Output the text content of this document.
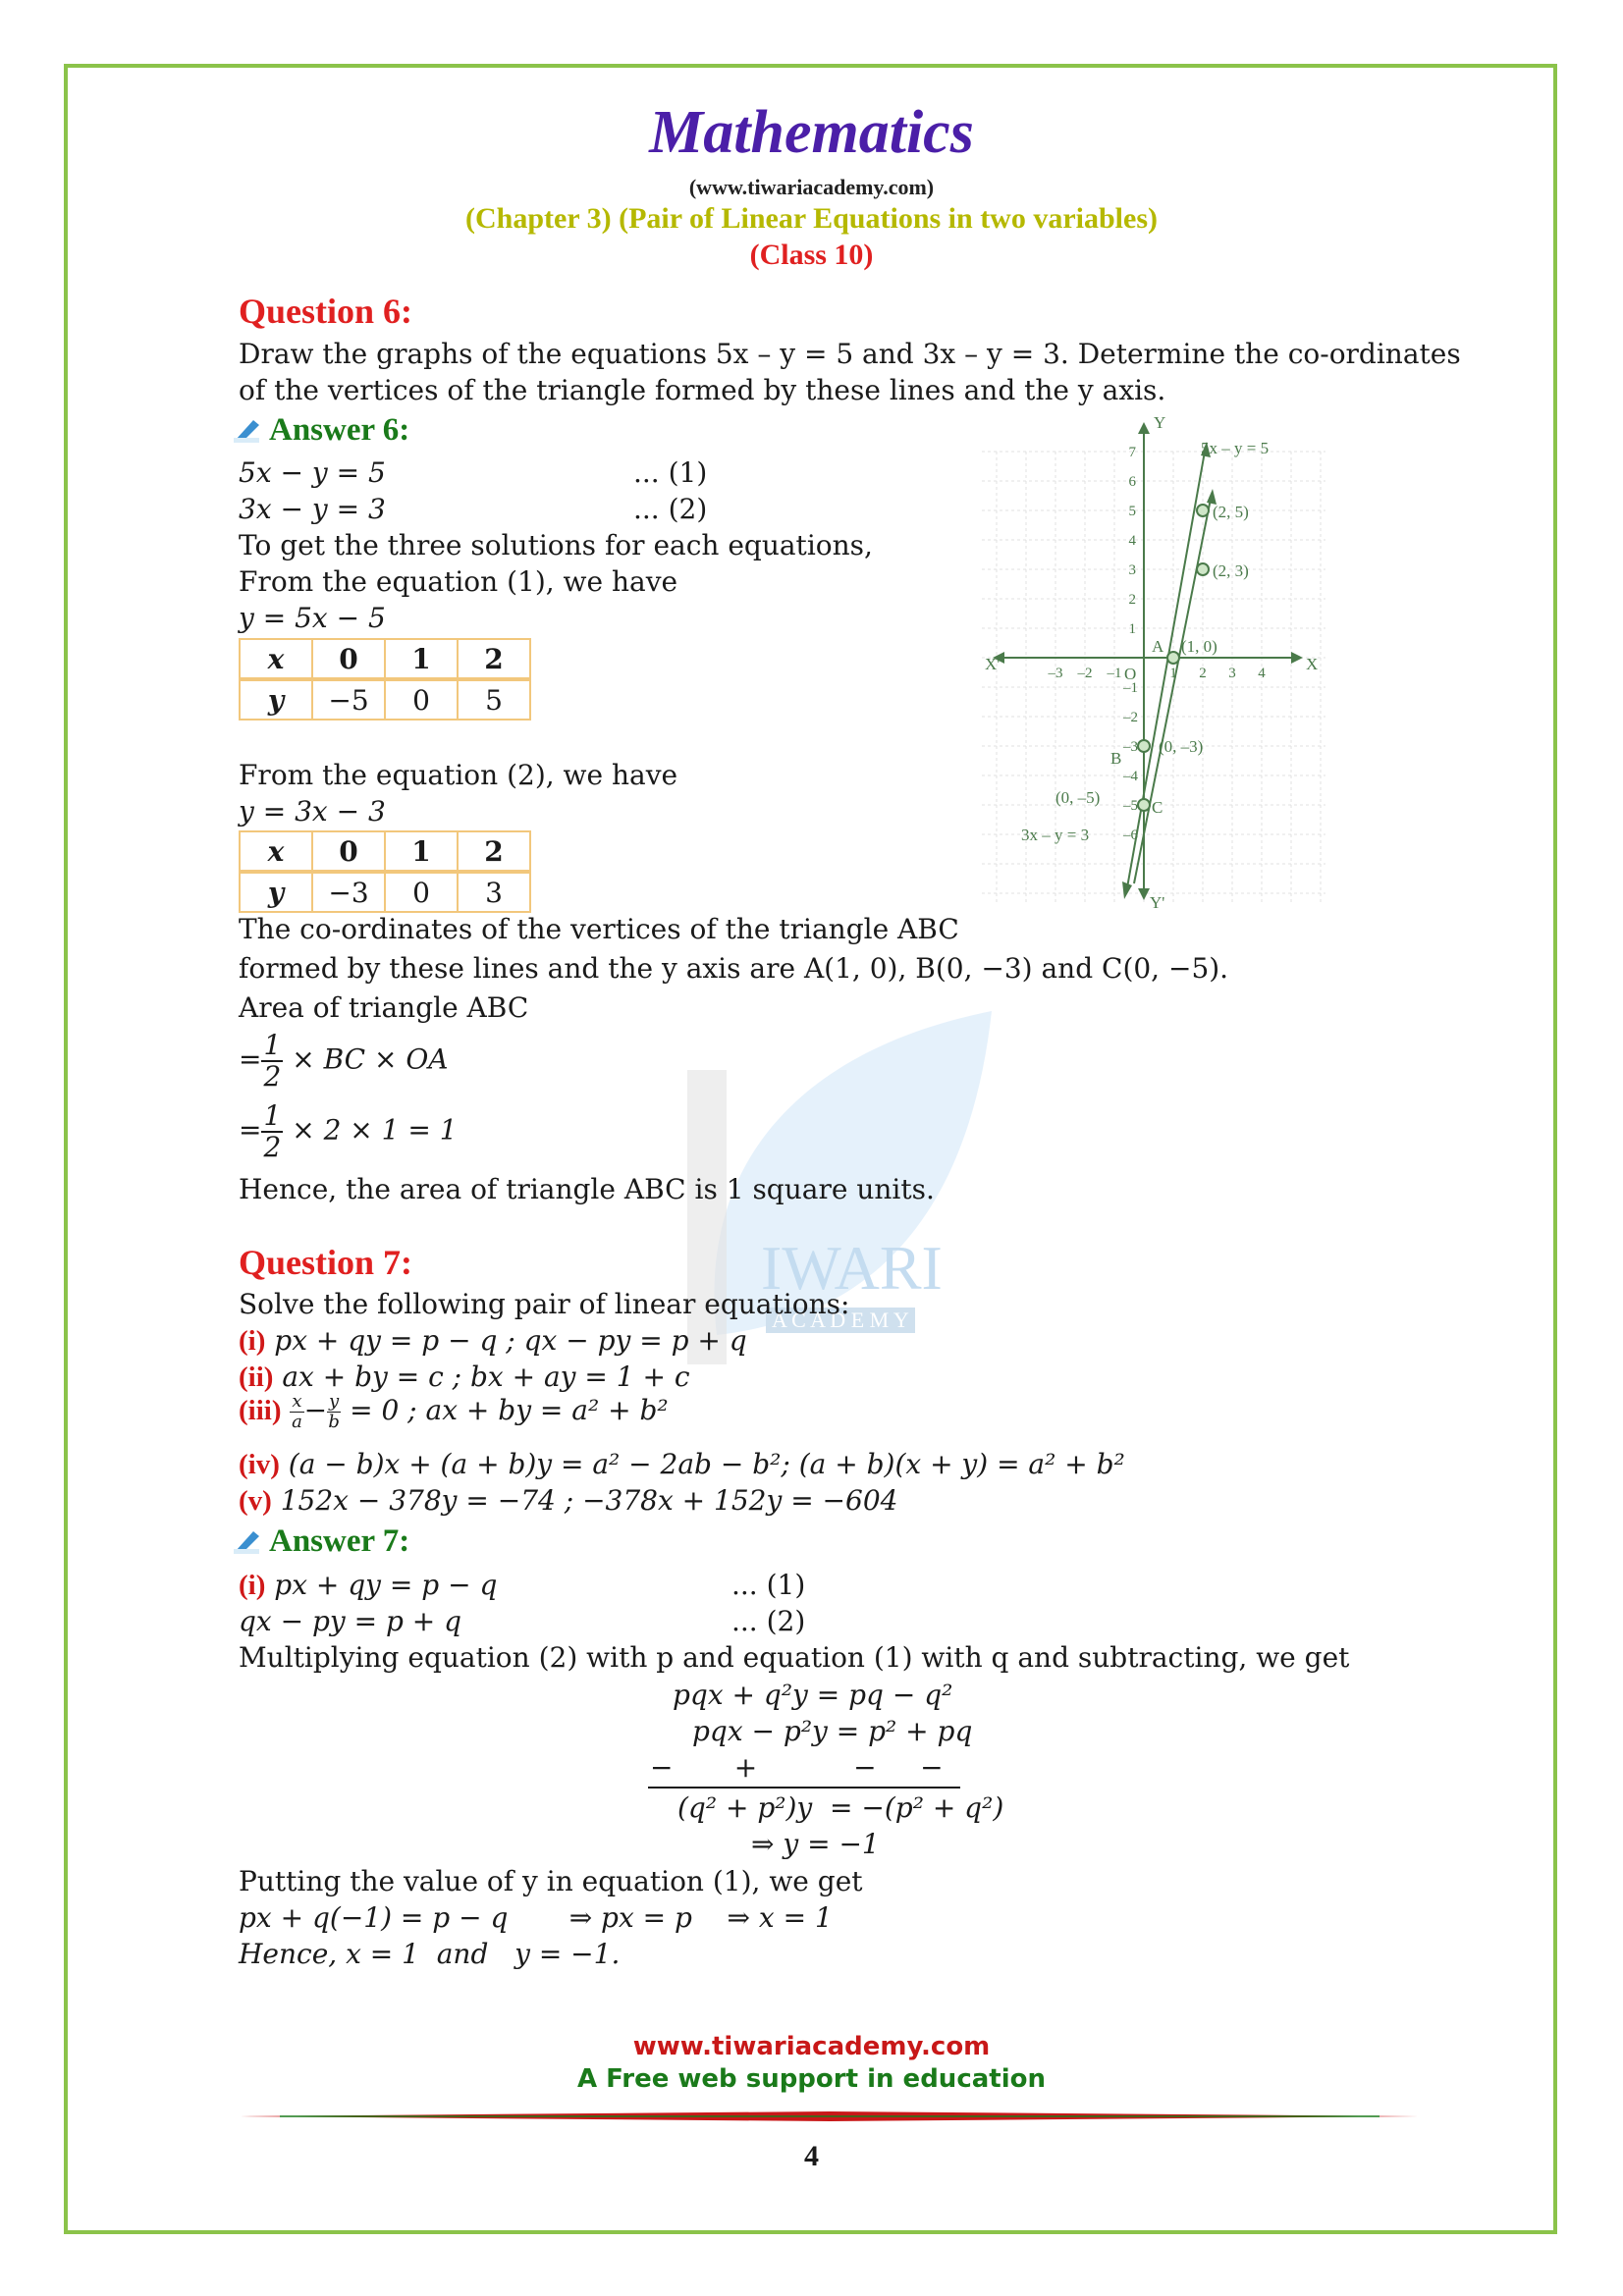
IWARI
A C A D E M Y
Mathematics
(www.tiwariacademy.com)
(Chapter 3) (Pair of Linear Equations in two variables)
(Class 10)
Question 6:
Draw the graphs of the equations 5x – y = 5 and 3x – y = 3. Determine the co-ordinates
of the vertices of the triangle formed by these lines and the y axis.
Answer 6:
5x − y = 5	... (1)
3x − y = 3	... (2)
To get the three solutions for each equations,
From the equation (1), we have
y = 5x − 5
x	0	1	2
y	−5	0	5
From the equation (2), we have
y = 3x − 3
x	0	1	2
y	−3	0	3
The co-ordinates of the vertices of the triangle ABC
formed by these lines and the y axis are A(1, 0), B(0, −3) and C(0, −5).
Area of triangle ABC
= $\frac{1}{2}$ × BC × OA
= $\frac{1}{2} \times 2 \times 1 = 1$
Hence, the area of triangle ABC is 1 square units.
Y
Y'
X
X'
O
5x – y = 5
3x – y = 3
(2, 5)
(2, 3)
A (1, 0)
B
(0, –3)
C
(0, –5)
–3 –2 –1	1 2 3 4
7
6
5
4
3
2
1
–1
–2
–3
–4
–5
–6
Question 7:
Solve the following pair of linear equations:
(i) px + qy = p − q ; qx − py = p + q
(ii) ax + by = c ; bx + ay = 1 + c
$(iii) \frac{x}{a} - \frac{y}{b} = 0$ ; ax + by = a² + b²
(iv) (a − b)x + (a + b)y = a² − 2ab − b²; (a + b)(x + y) = a² + b²
(v) 152x − 378y = −74 ; −378x + 152y = −604
Answer 7:
(i) px + qy = p − q	... (1)
qx − py = p + q	... (2)
Multiplying equation (2) with p and equation (1) with q and subtracting, we get
pqx + q²y = pq − q²
pqx − p²y = p² + pq
−       +           −     −
(q² + p²)y  = −(p² + q²)
⇒ y = −1
Putting the value of y in equation (1), we get
px + q(−1) = p − q       ⇒ px = p    ⇒ x = 1
Hence, x = 1  and   y = −1.
www.tiwariacademy.com
A Free web support in education
4
